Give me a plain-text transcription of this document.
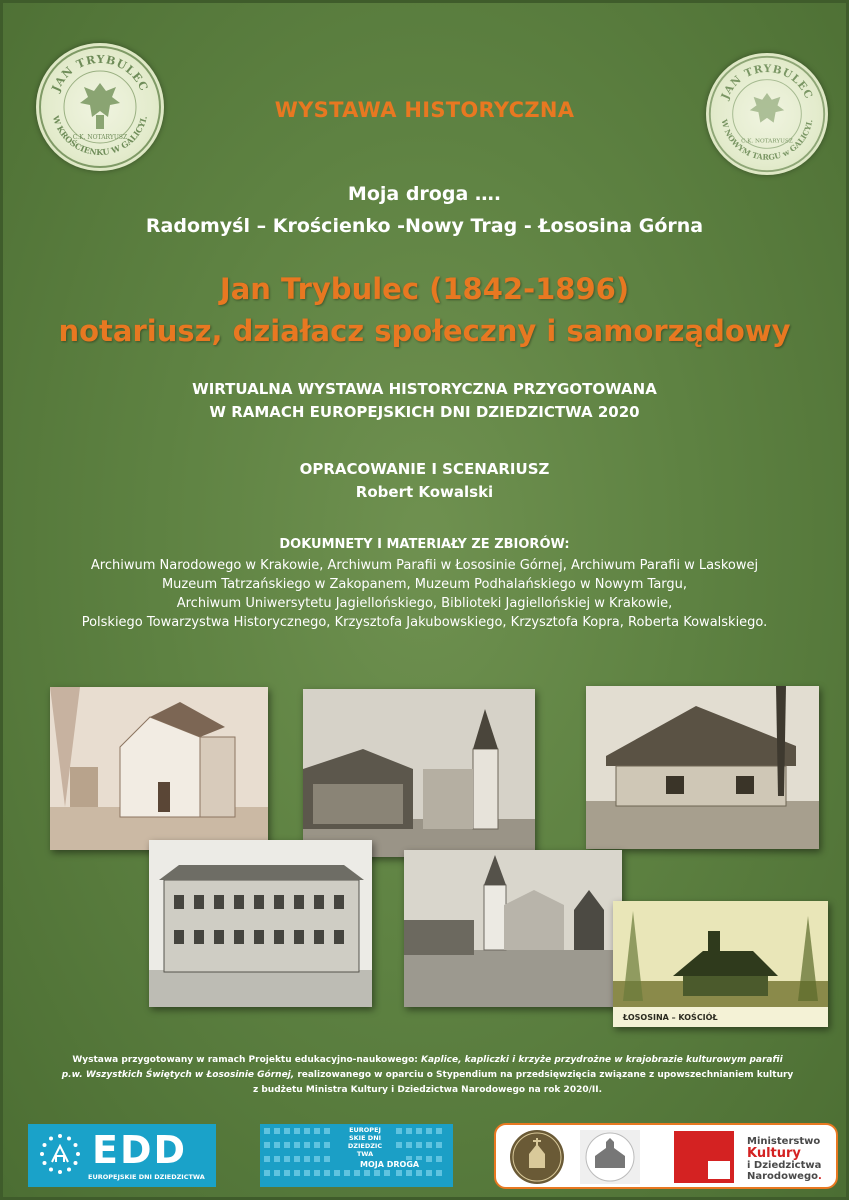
JAN TRYBULEC
W KROŚCIENKU W GALICYI.
C.K. NOTARYUSZ
JAN TRYBULEC
W NOWYM TARGU w GALICYI.
C.K. NOTARYUSZ
WYSTAWA HISTORYCZNA
Moja droga ….
Radomyśl – Krościenko -Nowy Trag - Łososina Górna
Jan Trybulec (1842-1896)
notariusz, działacz społeczny i samorządowy
WIRTUALNA WYSTAWA HISTORYCZNA PRZYGOTOWANA
W RAMACH EUROPEJSKICH DNI DZIEDZICTWA 2020
OPRACOWANIE I SCENARIUSZ
Robert Kowalski
DOKUMNETY I MATERIAŁY ZE ZBIORÓW:
Archiwum Narodowego w Krakowie, Archiwum Parafii w Łososinie Górnej, Archiwum Parafii w Laskowej
Muzeum Tatrzańskiego w Zakopanem, Muzeum Podhalańskiego w Nowym Targu,
Archiwum Uniwersytetu Jagiellońskiego, Biblioteki Jagiellońskiej w Krakowie,
Polskiego Towarzystwa Historycznego, Krzysztofa Jakubowskiego, Krzysztofa Kopra, Roberta Kowalskiego.
ŁOSOSINA – KOŚCIÓŁ
Wystawa przygotowany w ramach Projektu edukacyjno-naukowego: Kaplice, kapliczki i krzyże przydrożne w krajobrazie kulturowym parafii
p.w. Wszystkich Świętych w Łososinie Górnej, realizowanego w oparciu o Stypendium na przedsięwzięcia związane z upowszechnianiem kultury
z budżetu Ministra Kultury i Dziedzictwa Narodowego na rok 2020/II.
EDD
EUROPEJSKIE DNI DZIEDZICTWA
EUROPEJ SKIE DNI DZIEDZIC TWA
MOJA DROGA
Ministerstwo
Kultury
i Dziedzictwa
Narodowego.
